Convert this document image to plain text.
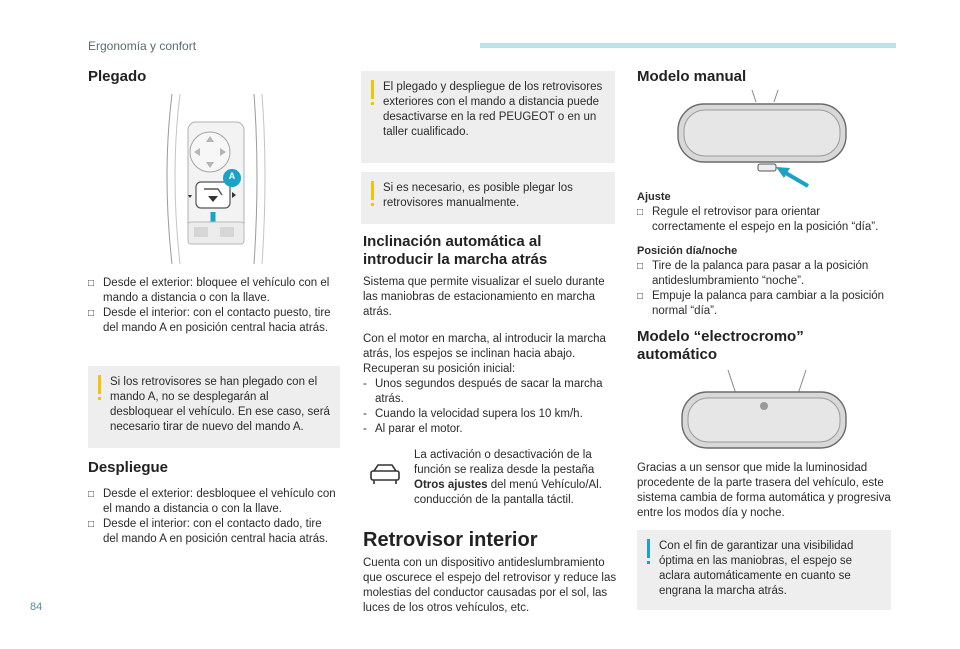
Ergonomía y confort
Plegado
A
□ Desde el exterior: bloquee el vehículo con el mando a distancia o con la llave.
□ Desde el interior: con el contacto puesto, tire del mando A en posición central hacia atrás.
Si los retrovisores se han plegado con el mando A, no se desplegarán al desbloquear el vehículo. En ese caso, será necesario tirar de nuevo del mando A.
Despliegue
□ Desde el exterior: desbloquee el vehículo con el mando a distancia o con la llave.
□ Desde el interior: con el contacto dado, tire del mando A en posición central hacia atrás.
El plegado y despliegue de los retrovisores exteriores con el mando a distancia puede desactivarse en la red PEUGEOT o en un taller cualificado.
Si es necesario, es posible plegar los retrovisores manualmente.
Inclinación automática al
introducir la marcha atrás
Sistema que permite visualizar el suelo durante las maniobras de estacionamiento en marcha atrás.
Con el motor en marcha, al introducir la marcha atrás, los espejos se inclinan hacia abajo.
Recuperan su posición inicial:
- Unos segundos después de sacar la marcha atrás.
- Cuando la velocidad supera los 10 km/h.
- Al parar el motor.
La activación o desactivación de la función se realiza desde la pestaña Otros ajustes del menú Vehículo/Al. conducción de la pantalla táctil.
Retrovisor interior
Cuenta con un dispositivo antideslumbramiento que oscurece el espejo del retrovisor y reduce las molestias del conductor causadas por el sol, las luces de los otros vehículos, etc.
Modelo manual
Ajuste
□ Regule el retrovisor para orientar correctamente el espejo en la posición “día”.
Posición día/noche
□ Tire de la palanca para pasar a la posición antideslumbramiento “noche”.
□ Empuje la palanca para cambiar a la posición normal “día”.
Modelo “electrocromo”
automático
Gracias a un sensor que mide la luminosidad procedente de la parte trasera del vehículo, este sistema cambia de forma automática y progresiva entre los modos día y noche.
Con el fin de garantizar una visibilidad óptima en las maniobras, el espejo se aclara automáticamente en cuanto se engrana la marcha atrás.
84
